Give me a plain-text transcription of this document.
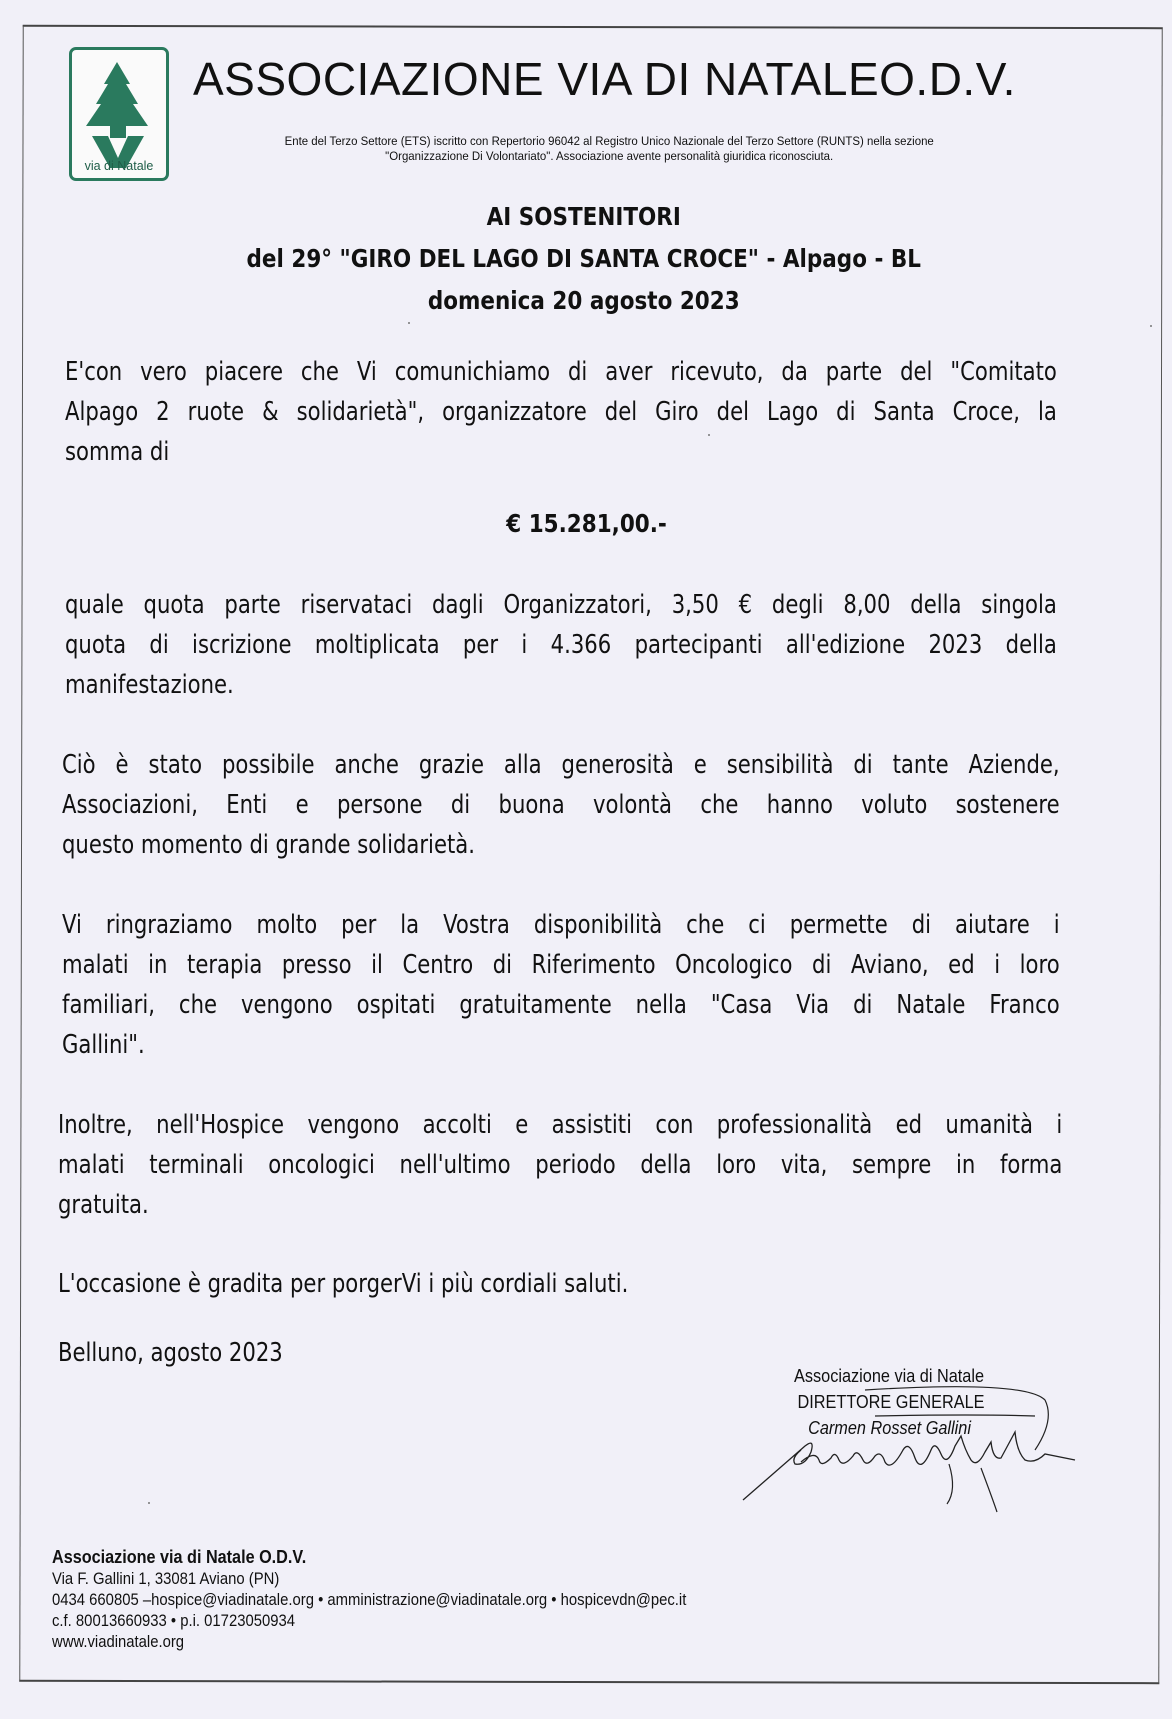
via di Natale
ASSOCIAZIONE VIA DI NATALEO.D.V.
Ente del Terzo Settore (ETS) iscritto con Repertorio 96042 al Registro Unico Nazionale del Terzo Settore (RUNTS) nella sezione
"Organizzazione Di Volontariato". Associazione avente personalità giuridica riconosciuta.
AI SOSTENITORI
del 29° "GIRO DEL LAGO DI SANTA CROCE" - Alpago - BL
domenica 20 agosto 2023
E'con vero piacere che Vi comunichiamo di aver ricevuto, da parte del "Comitato
Alpago 2 ruote & solidarietà", organizzatore del Giro del Lago di Santa Croce, la
somma di
€ 15.281,00.-
quale quota parte riservataci dagli Organizzatori, 3,50 € degli 8,00 della singola
quota di iscrizione moltiplicata per i 4.366 partecipanti all'edizione 2023 della
manifestazione.
Ciò è stato possibile anche grazie alla generosità e sensibilità di tante Aziende,
Associazioni, Enti e persone di buona volontà che hanno voluto sostenere
questo momento di grande solidarietà.
Vi ringraziamo molto per la Vostra disponibilità che ci permette di aiutare i
malati in terapia presso il Centro di Riferimento Oncologico di Aviano, ed i loro
familiari, che vengono ospitati gratuitamente nella "Casa Via di Natale Franco
Gallini".
Inoltre, nell'Hospice vengono accolti e assistiti con professionalità ed umanità i
malati terminali oncologici nell'ultimo periodo della loro vita, sempre in forma
gratuita.
L'occasione è gradita per porgerVi i più cordiali saluti.
Belluno, agosto 2023
Associazione via di Natale
DIRETTORE GENERALE
Carmen Rosset Gallini
Associazione via di Natale O.D.V.
Via F. Gallini 1, 33081 Aviano (PN)
0434 660805 –hospice@viadinatale.org • amministrazione@viadinatale.org • hospicevdn@pec.it
c.f. 80013660933 • p.i. 01723050934
www.viadinatale.org
